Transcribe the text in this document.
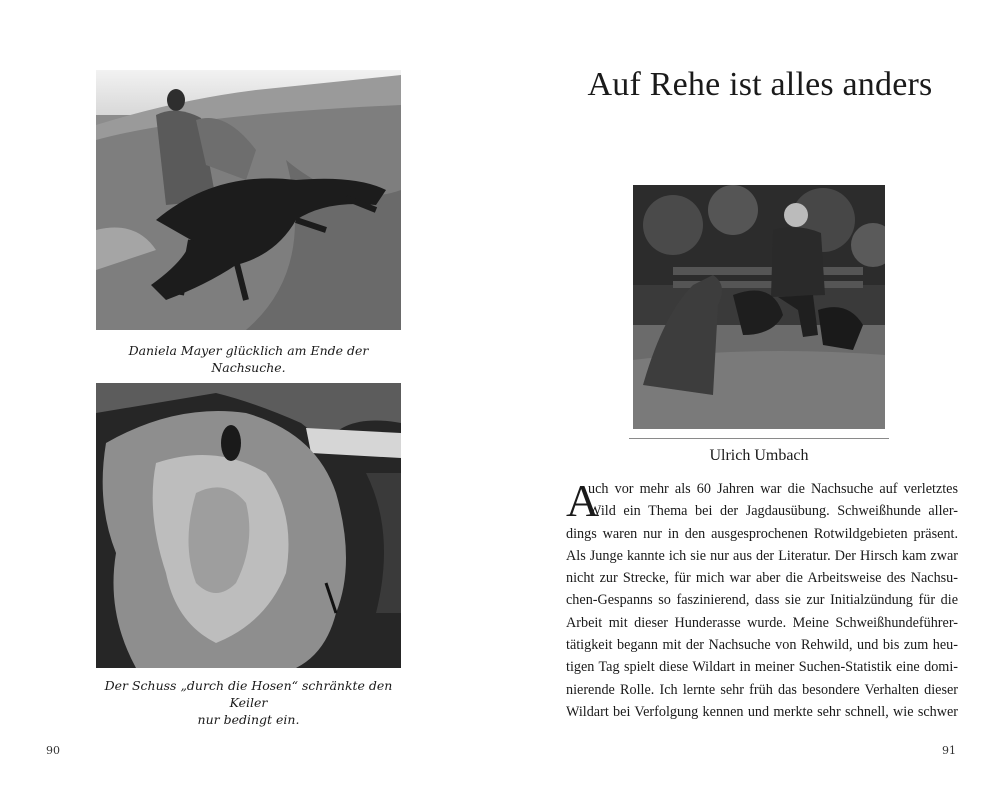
Daniela Mayer glücklich am Ende der Nachsuche.
Der Schuss „durch die Hosen“ schränkte den Keiler
nur bedingt ein.
90
Auf Rehe ist alles anders
Ulrich Umbach
A
uch vor mehr als 60 Jahren war die Nachsuche auf verletztes
Wild ein Thema bei der Jagdausübung. Schweißhunde aller-
dings waren nur in den ausgesprochenen Rotwildgebieten präsent.
Als Junge kannte ich sie nur aus der Literatur. Der Hirsch kam zwar
nicht zur Strecke, für mich war aber die Arbeitsweise des Nachsu-
chen-Gespanns so faszinierend, dass sie zur Initialzündung für die
Arbeit mit dieser Hunderasse wurde. Meine Schweißhundeführer-
tätigkeit begann mit der Nachsuche von Rehwild, und bis zum heu-
tigen Tag spielt diese Wildart in meiner Suchen-Statistik eine domi-
nierende Rolle. Ich lernte sehr früh das besondere Verhalten dieser
Wildart bei Verfolgung kennen und merkte sehr schnell, wie schwer
91
